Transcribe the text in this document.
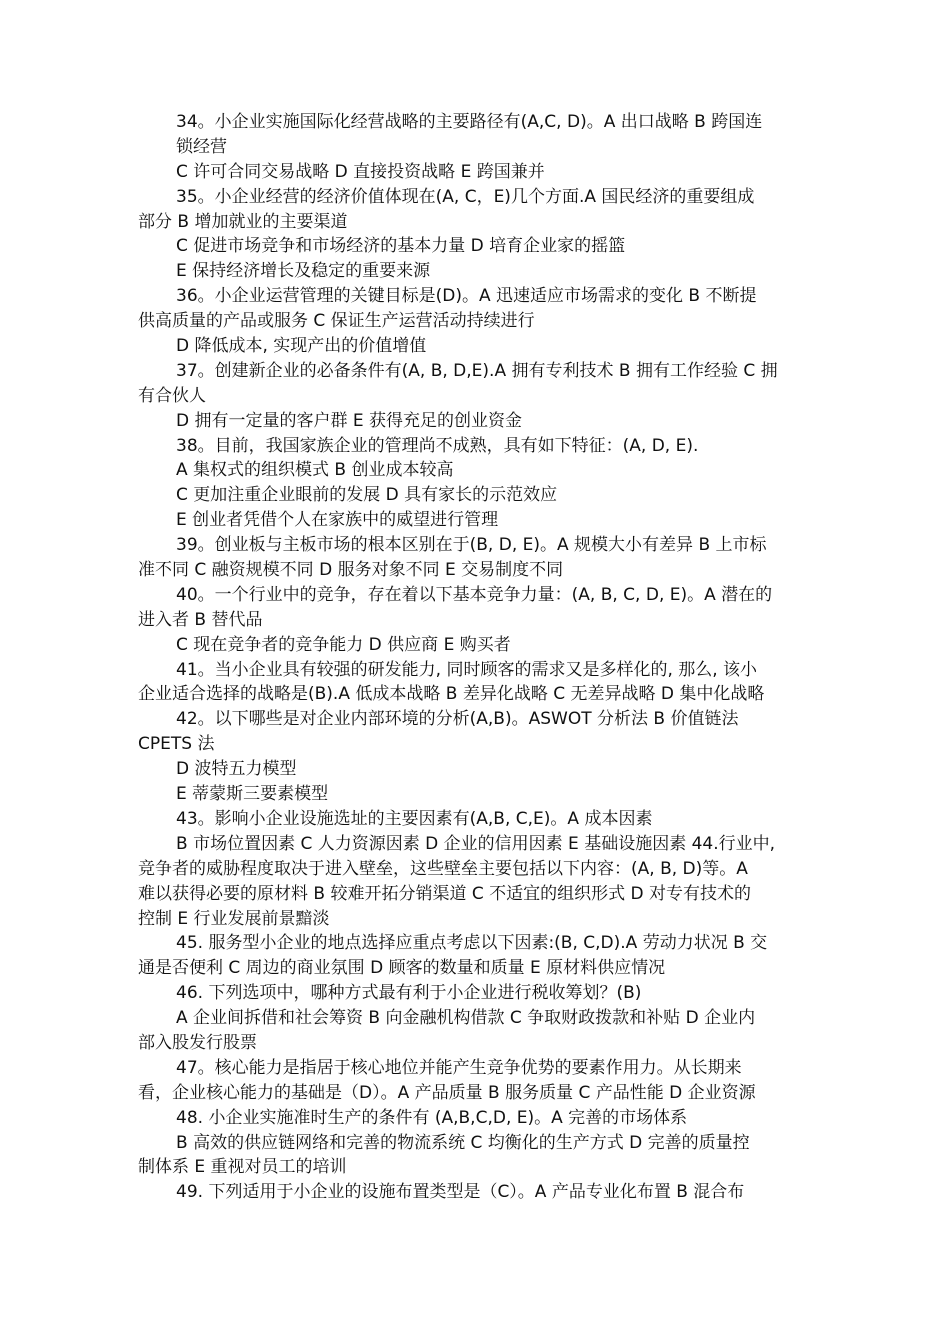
34。小企业实施国际化经营战略的主要路径有(A,C, D)。A 出口战略 B 跨国连
锁经营
C 许可合同交易战略 D 直接投资战略 E 跨国兼并
35。小企业经营的经济价值体现在(A, C，E)几个方面.A 国民经济的重要组成
部分 B 增加就业的主要渠道
C 促进市场竞争和市场经济的基本力量 D 培育企业家的摇篮
E 保持经济增长及稳定的重要来源
36。小企业运营管理的关键目标是(D)。A 迅速适应市场需求的变化 B 不断提
供高质量的产品或服务 C 保证生产运营活动持续进行
D 降低成本, 实现产出的价值增值
37。创建新企业的必备条件有(A, B, D,E).A 拥有专利技术 B 拥有工作经验 C 拥
有合伙人
D 拥有一定量的客户群 E 获得充足的创业资金
38。目前，我国家族企业的管理尚不成熟，具有如下特征：(A, D, E).
A 集权式的组织模式 B 创业成本较高
C 更加注重企业眼前的发展 D 具有家长的示范效应
E 创业者凭借个人在家族中的威望进行管理
39。创业板与主板市场的根本区别在于(B, D, E)。A 规模大小有差异 B 上市标
准不同 C 融资规模不同 D 服务对象不同 E 交易制度不同
40。一个行业中的竞争，存在着以下基本竞争力量：(A, B, C, D, E)。A 潜在的
进入者 B 替代品
C 现在竞争者的竞争能力 D 供应商 E 购买者
41。当小企业具有较强的研发能力, 同时顾客的需求又是多样化的, 那么, 该小
企业适合选择的战略是(B).A 低成本战略 B 差异化战略 C 无差异战略 D 集中化战略
42。以下哪些是对企业内部环境的分析(A,B)。ASWOT 分析法 B 价值链法
CPETS 法
D 波特五力模型
E 蒂蒙斯三要素模型
43。影响小企业设施选址的主要因素有(A,B, C,E)。A 成本因素
B 市场位置因素 C 人力资源因素 D 企业的信用因素 E 基础设施因素 44.行业中,
竞争者的威胁程度取决于进入壁垒，这些壁垒主要包括以下内容：(A, B, D)等。A
难以获得必要的原材料 B 较难开拓分销渠道 C 不适宜的组织形式 D 对专有技术的
控制 E 行业发展前景黯淡
45. 服务型小企业的地点选择应重点考虑以下因素:(B, C,D).A 劳动力状况 B 交
通是否便利 C 周边的商业氛围 D 顾客的数量和质量 E 原材料供应情况
46. 下列选项中，哪种方式最有利于小企业进行税收筹划？(B)
A 企业间拆借和社会筹资 B 向金融机构借款 C 争取财政拨款和补贴 D 企业内
部入股发行股票
47。核心能力是指居于核心地位并能产生竞争优势的要素作用力。从长期来
看，企业核心能力的基础是（D）。A 产品质量 B 服务质量 C 产品性能 D 企业资源
48. 小企业实施准时生产的条件有 (A,B,C,D, E)。A 完善的市场体系
B 高效的供应链网络和完善的物流系统 C 均衡化的生产方式 D 完善的质量控
制体系 E 重视对员工的培训
49. 下列适用于小企业的设施布置类型是（C）。A 产品专业化布置 B 混合布
